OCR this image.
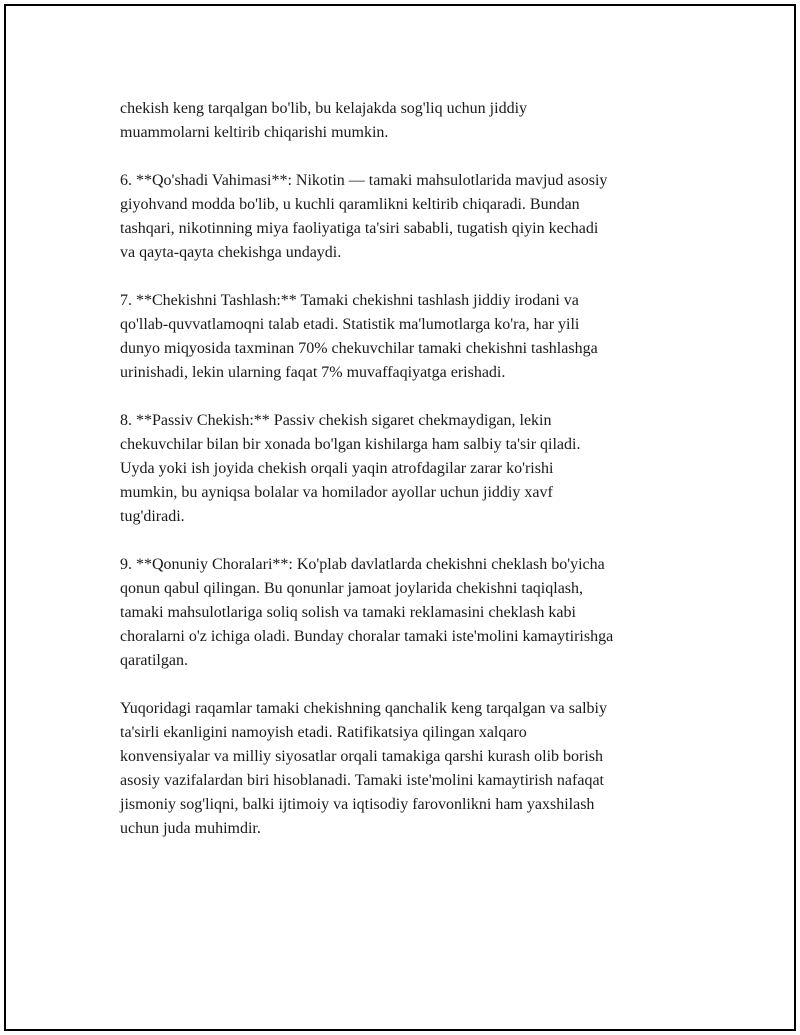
chekish keng tarqalgan bo'lib, bu kelajakda sog'liq uchun jiddiy
muammolarni keltirib chiqarishi mumkin.

6. **Qo'shadi Vahimasi**: Nikotin — tamaki mahsulotlarida mavjud asosiy
giyohvand modda bo'lib, u kuchli qaramlikni keltirib chiqaradi. Bundan
tashqari, nikotinning miya faoliyatiga ta'siri sababli, tugatish qiyin kechadi
va qayta-qayta chekishga undaydi.

7. **Chekishni Tashlash:** Tamaki chekishni tashlash jiddiy irodani va
qo'llab-quvvatlamoqni talab etadi. Statistik ma'lumotlarga ko'ra, har yili
dunyo miqyosida taxminan 70% chekuvchilar tamaki chekishni tashlashga
urinishadi, lekin ularning faqat 7% muvaffaqiyatga erishadi.

8. **Passiv Chekish:** Passiv chekish sigaret chekmaydigan, lekin
chekuvchilar bilan bir xonada bo'lgan kishilarga ham salbiy ta'sir qiladi.
Uyda yoki ish joyida chekish orqali yaqin atrofdagilar zarar ko'rishi
mumkin, bu ayniqsa bolalar va homilador ayollar uchun jiddiy xavf
tug'diradi.

9. **Qonuniy Choralari**: Ko'plab davlatlarda chekishni cheklash bo'yicha
qonun qabul qilingan. Bu qonunlar jamoat joylarida chekishni taqiqlash,
tamaki mahsulotlariga soliq solish va tamaki reklamasini cheklash kabi
choralarni o'z ichiga oladi. Bunday choralar tamaki iste'molini kamaytirishga
qaratilgan.

Yuqoridagi raqamlar tamaki chekishning qanchalik keng tarqalgan va salbiy
ta'sirli ekanligini namoyish etadi. Ratifikatsiya qilingan xalqaro
konvensiyalar va milliy siyosatlar orqali tamakiga qarshi kurash olib borish
asosiy vazifalardan biri hisoblanadi. Tamaki iste'molini kamaytirish nafaqat
jismoniy sog'liqni, balki ijtimoiy va iqtisodiy farovonlikni ham yaxshilash
uchun juda muhimdir.
